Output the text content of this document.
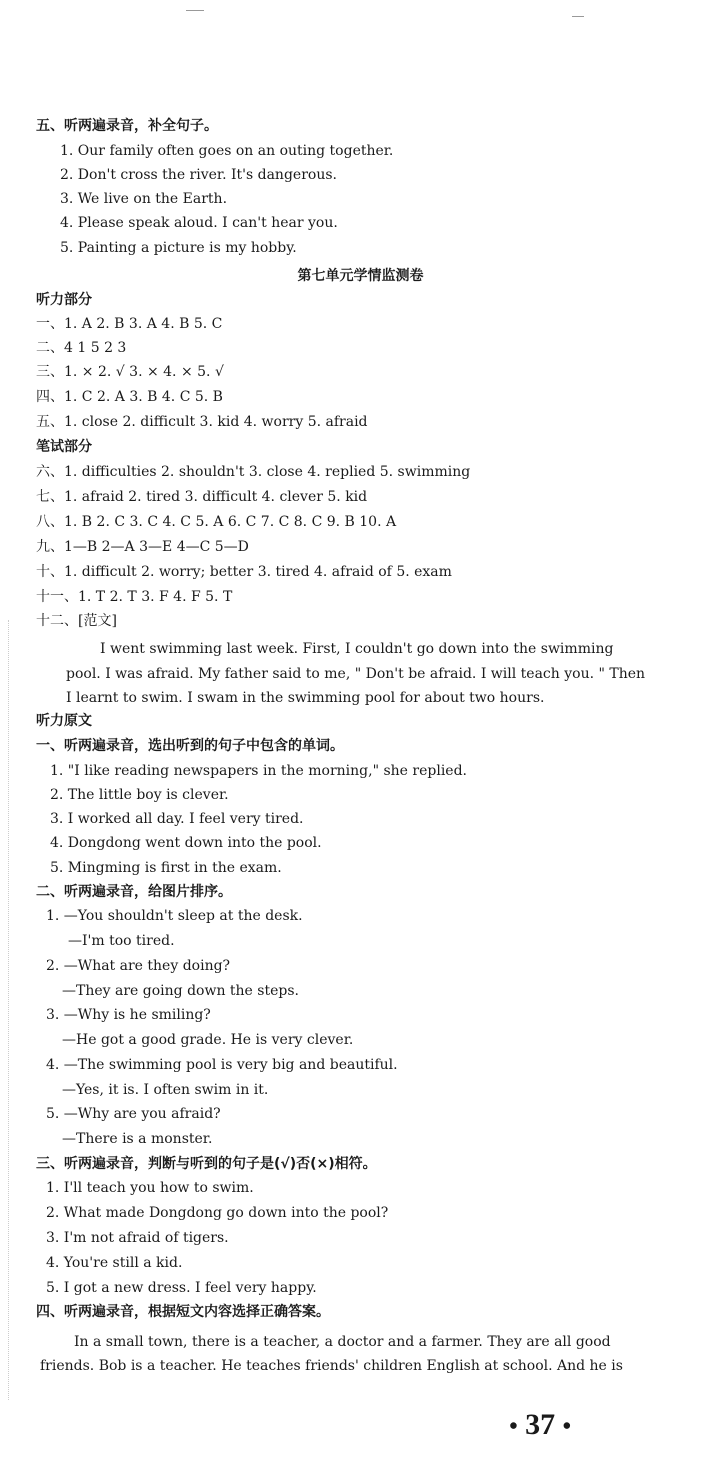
五、听两遍录音，补全句子。
1. Our family often goes on an outing together.
2. Don't cross the river. It's dangerous.
3. We live on the Earth.
4. Please speak aloud. I can't hear you.
5. Painting a picture is my hobby.
第七单元学情监测卷
听力部分
一、1. A 2. B 3. A 4. B 5. C
二、4 1 5 2 3
三、1. × 2. √ 3. × 4. × 5. √
四、1. C 2. A 3. B 4. C 5. B
五、1. close 2. difficult 3. kid 4. worry 5. afraid
笔试部分
六、1. difficulties 2. shouldn't 3. close 4. replied 5. swimming
七、1. afraid 2. tired 3. difficult 4. clever 5. kid
八、1. B 2. C 3. C 4. C 5. A 6. C 7. C 8. C 9. B 10. A
九、1—B 2—A 3—E 4—C 5—D
十、1. difficult 2. worry; better 3. tired 4. afraid of 5. exam
十一、1. T 2. T 3. F 4. F 5. T
十二、[范文]
I went swimming last week. First, I couldn't go down into the swimming
pool. I was afraid. My father said to me, " Don't be afraid. I will teach you. " Then
I learnt to swim. I swam in the swimming pool for about two hours.
听力原文
一、听两遍录音，选出听到的句子中包含的单词。
1. "I like reading newspapers in the morning," she replied.
2. The little boy is clever.
3. I worked all day. I feel very tired.
4. Dongdong went down into the pool.
5. Mingming is first in the exam.
二、听两遍录音，给图片排序。
1. —You shouldn't sleep at the desk.
—I'm too tired.
2. —What are they doing?
—They are going down the steps.
3. —Why is he smiling?
—He got a good grade. He is very clever.
4. —The swimming pool is very big and beautiful.
—Yes, it is. I often swim in it.
5. —Why are you afraid?
—There is a monster.
三、听两遍录音，判断与听到的句子是(√)否(×)相符。
1. I'll teach you how to swim.
2. What made Dongdong go down into the pool?
3. I'm not afraid of tigers.
4. You're still a kid.
5. I got a new dress. I feel very happy.
四、听两遍录音，根据短文内容选择正确答案。
In a small town, there is a teacher, a doctor and a farmer. They are all good
friends. Bob is a teacher. He teaches friends' children English at school. And he is
• 37 •
